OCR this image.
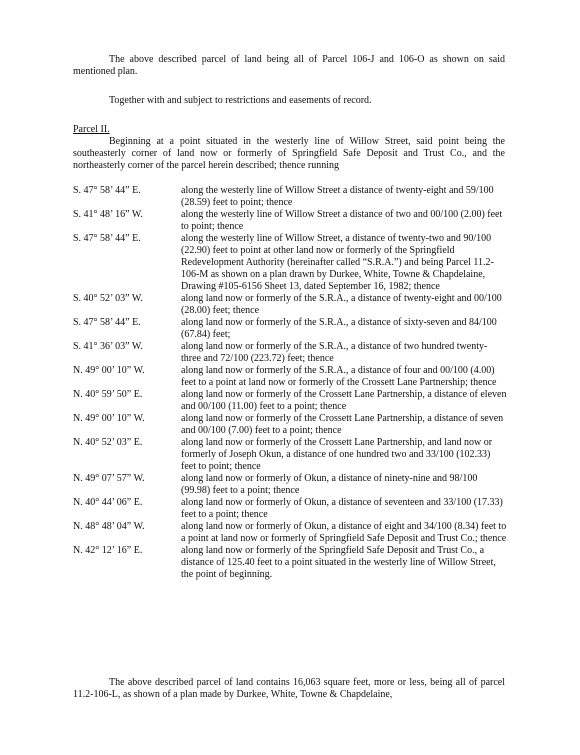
The above described parcel of land being all of Parcel 106-J and 106-O as shown on said mentioned plan.
Together with and subject to restrictions and easements of record.
Parcel II.
Beginning at a point situated in the westerly line of Willow Street, said point being the southeasterly corner of land now or formerly of Springfield Safe Deposit and Trust Co., and the northeasterly corner of the parcel herein described; thence running
S. 47° 58’ 44” E.	along the westerly line of Willow Street a distance of twenty-eight and 59/100 (28.59) feet to point; thence
S. 41° 48’ 16” W.	along the westerly line of Willow Street a distance of two and 00/100 (2.00) feet to point; thence
S. 47° 58’ 44” E.	along the westerly line of Willow Street, a distance of twenty-two and 90/100 (22.90) feet to point at other land now or formerly of the Springfield Redevelopment Authority (hereinafter called “S.R.A.”) and being Parcel 11.2-106-M as shown on a plan drawn by Durkee, White, Towne & Chapdelaine, Drawing #105-6156 Sheet 13, dated September 16, 1982; thence
S. 40° 52’ 03” W.	along land now or formerly of the S.R.A., a distance of twenty-eight and 00/100 (28.00) feet; thence
S. 47° 58’ 44” E.	along land now or formerly of the S.R.A., a distance of sixty-seven and 84/100 (67.84) feet;
S. 41° 36’ 03” W.	along land now or formerly of the S.R.A., a distance of two hundred twenty-three and 72/100 (223.72) feet; thence
N. 49° 00’ 10” W.	along land now or formerly of the S.R.A., a distance of four and 00/100 (4.00) feet to a point at land now or formerly of the Crossett Lane Partnership; thence
N. 40° 59’ 50” E.	along land now or formerly of the Crossett Lane Partnership, a distance of eleven and 00/100 (11.00) feet to a point; thence
N. 49° 00’ 10” W.	along land now or formerly of the Crossett Lane Partnership, a distance of seven and 00/100 (7.00) feet to a point; thence
N. 40° 52’ 03” E.	along land now or formerly of the Crossett Lane Partnership, and land now or formerly of Joseph Okun, a distance of one hundred two and 33/100 (102.33) feet to point; thence
N. 49° 07’ 57” W.	along land now or formerly of Okun, a distance of ninety-nine and 98/100 (99.98) feet to a point; thence
N. 40° 44’ 06” E.	along land now or formerly of Okun, a distance of seventeen and 33/100 (17.33) feet to a point; thence
N. 48° 48’ 04” W.	along land now or formerly of Okun, a distance of eight and 34/100 (8.34) feet to a point at land now or formerly of Springfield Safe Deposit and Trust Co.; thence
N. 42° 12’ 16” E.	along land now or formerly of the Springfield Safe Deposit and Trust Co., a distance of 125.40 feet to a point situated in the westerly line of Willow Street, the point of beginning.
The above described parcel of land contains 16,063 square feet, more or less, being all of parcel 11.2-106-L, as shown of a plan made by Durkee, White, Towne & Chapdelaine,
